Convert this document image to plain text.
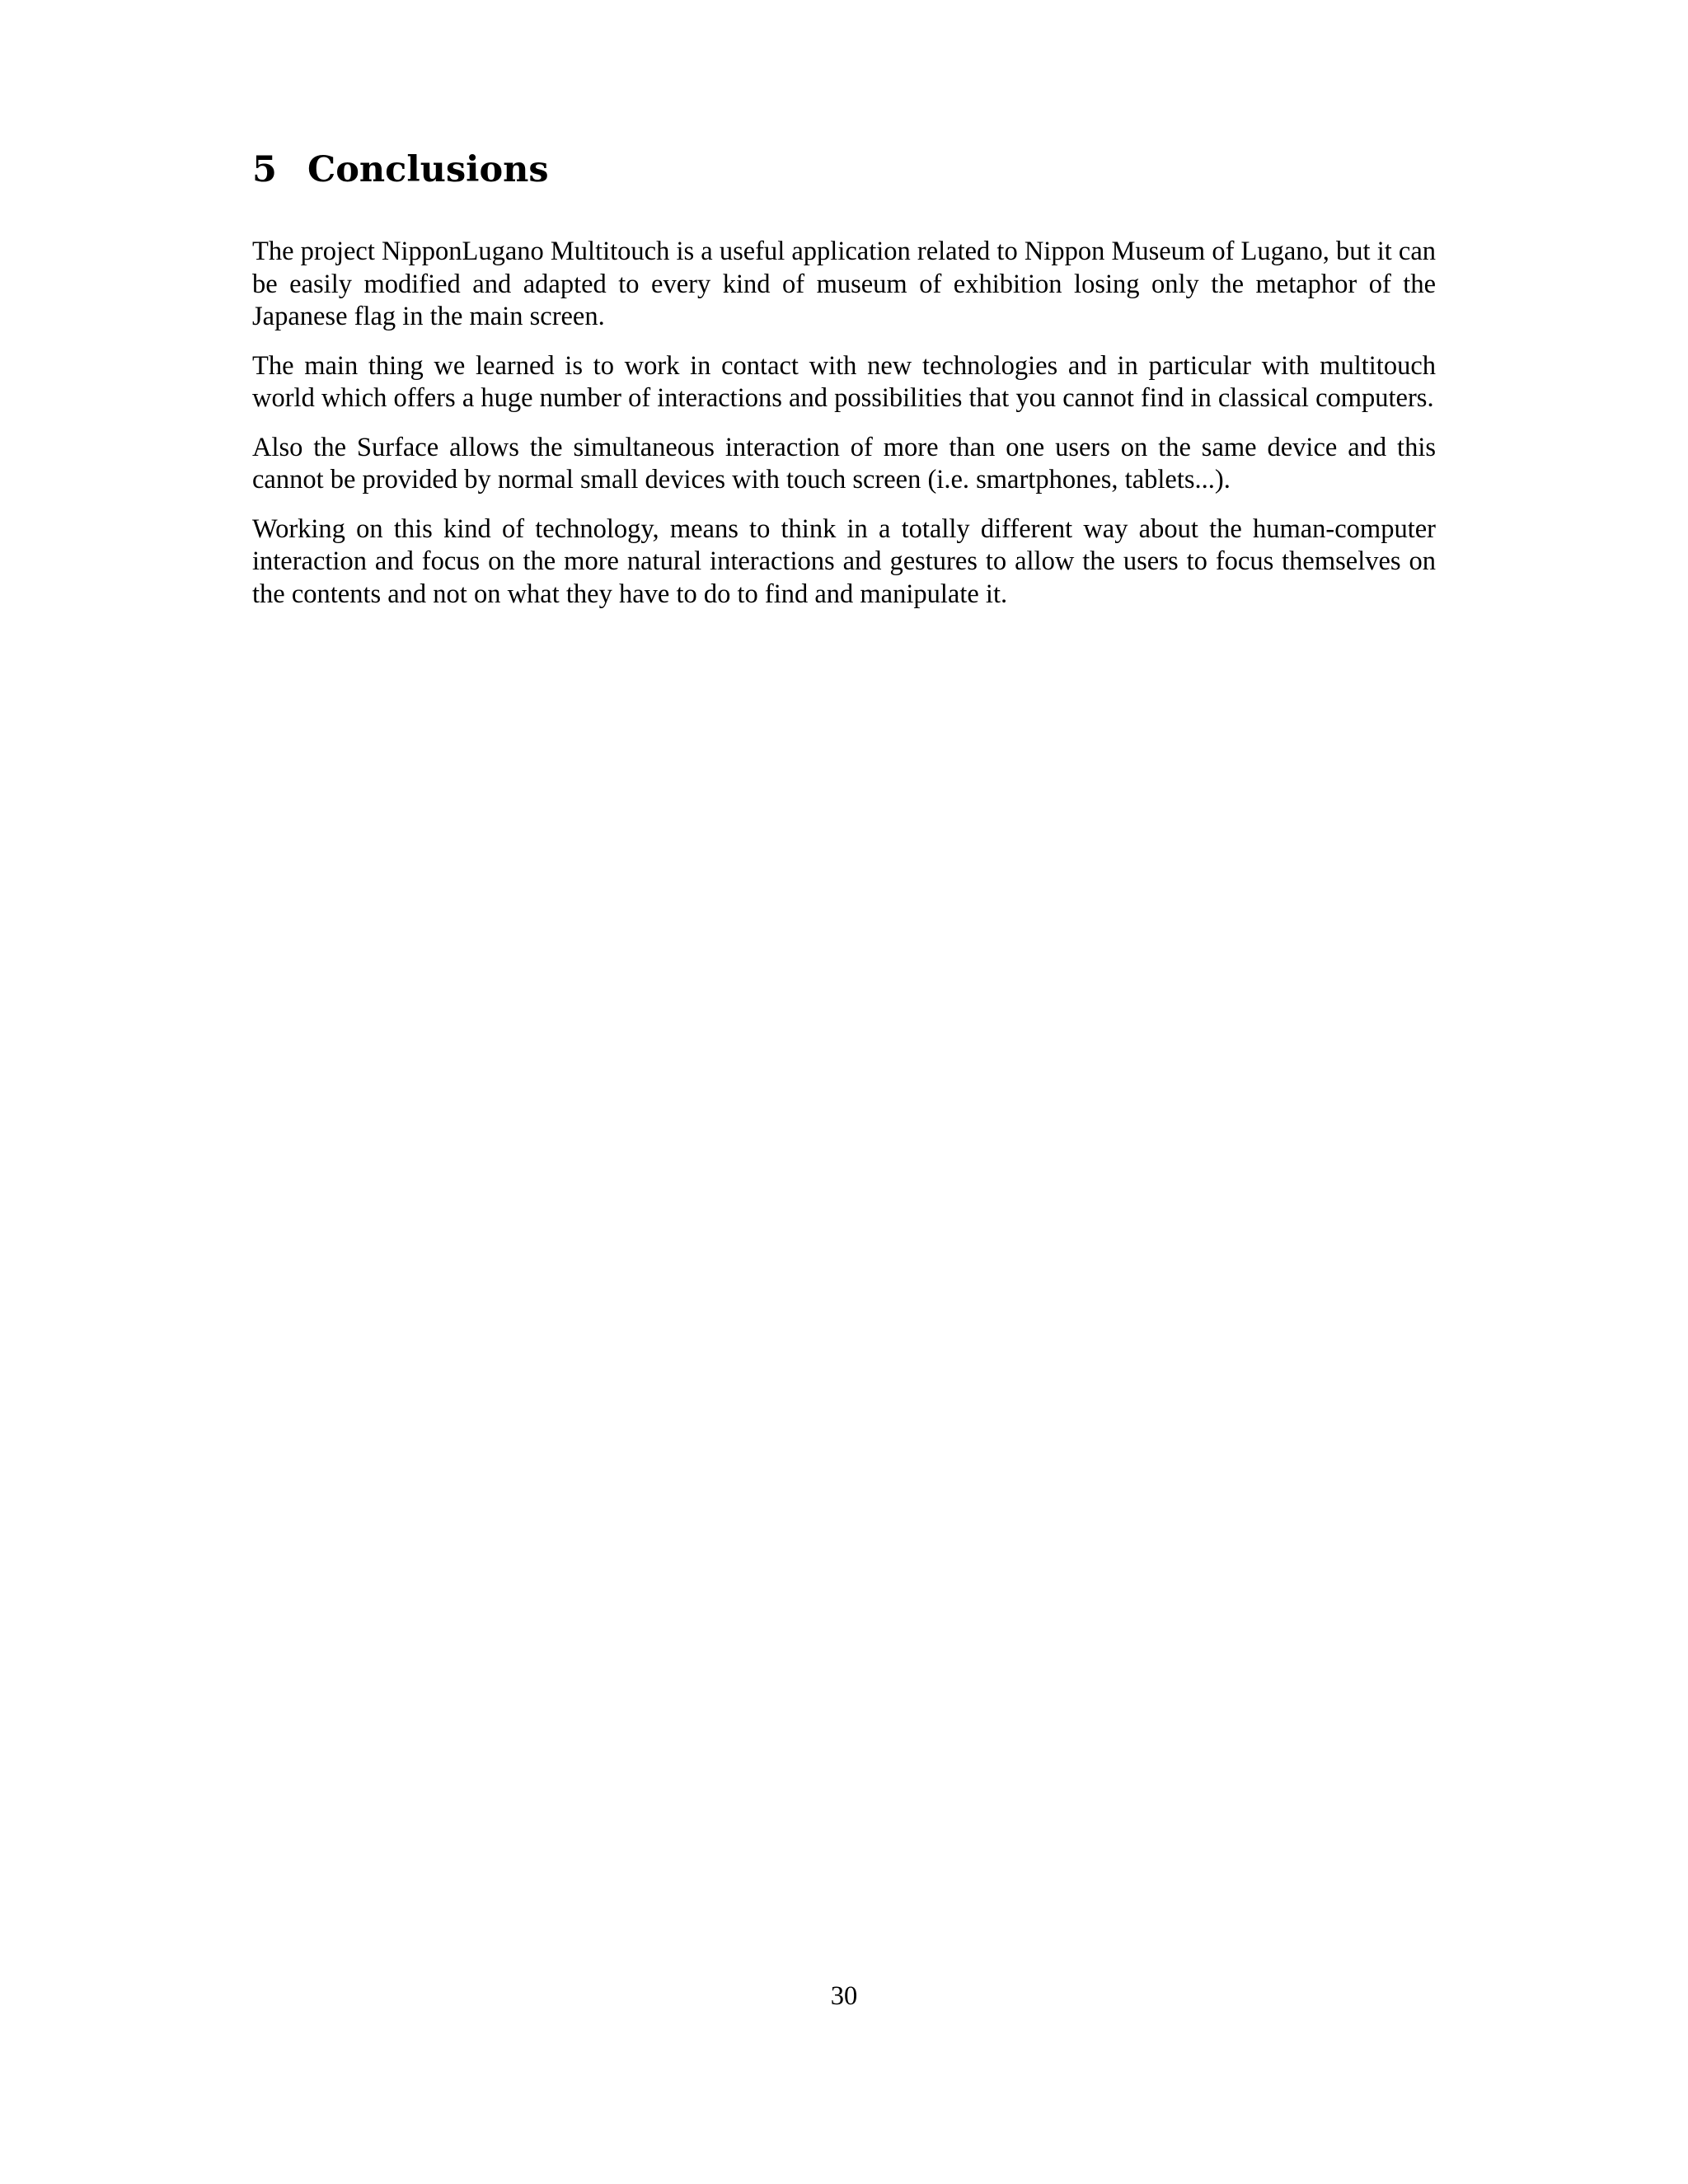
5 Conclusions

The project NipponLugano Multitouch is a useful application related to Nippon Museum of Lugano, but it can be easily modified and adapted to every kind of museum of exhibition losing only the metaphor of the Japanese flag in the main screen.

The main thing we learned is to work in contact with new technologies and in particular with multitouch world which offers a huge number of interactions and possibilities that you cannot find in classical computers.

Also the Surface allows the simultaneous interaction of more than one users on the same device and this cannot be provided by normal small devices with touch screen (i.e. smartphones, tablets...).

Working on this kind of technology, means to think in a totally different way about the human-computer interaction and focus on the more natural interactions and gestures to allow the users to focus themselves on the contents and not on what they have to do to find and manipulate it.

30
